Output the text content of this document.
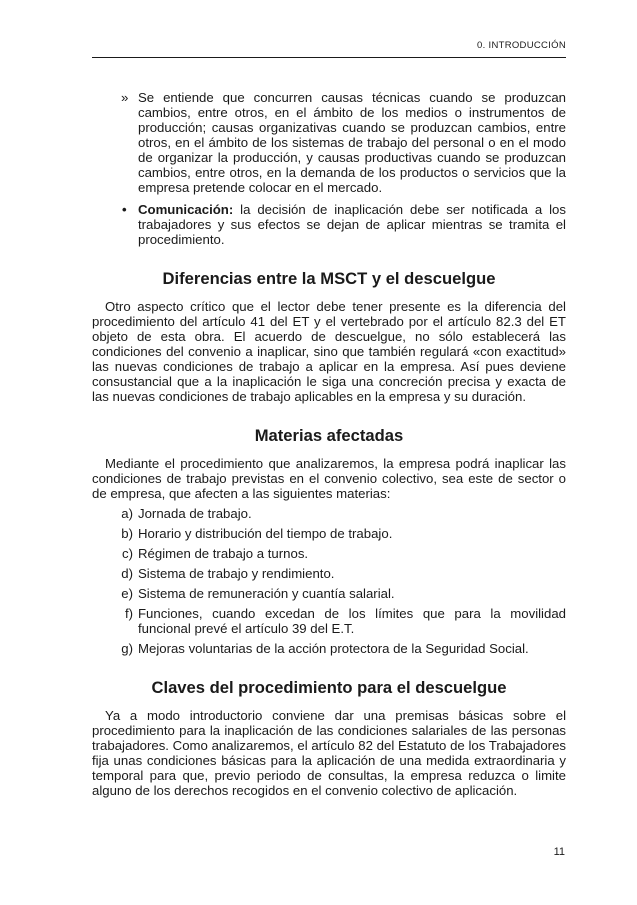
0. INTRODUCCIÓN
» Se entiende que concurren causas técnicas cuando se produzcan cambios, entre otros, en el ámbito de los medios o instrumentos de producción; causas organizativas cuando se produzcan cambios, entre otros, en el ámbito de los sistemas de trabajo del personal o en el modo de organizar la producción, y causas productivas cuando se produzcan cambios, entre otros, en la demanda de los productos o servicios que la empresa pretende colocar en el mercado.
• Comunicación: la decisión de inaplicación debe ser notificada a los trabajadores y sus efectos se dejan de aplicar mientras se tramita el procedimiento.
Diferencias entre la MSCT y el descuelgue

Otro aspecto crítico que el lector debe tener presente es la diferencia del procedimiento del artículo 41 del ET y el vertebrado por el artículo 82.3 del ET objeto de esta obra. El acuerdo de descuelgue, no sólo establecerá las condiciones del convenio a inaplicar, sino que también regulará «con exactitud» las nuevas condiciones de trabajo a aplicar en la empresa. Así pues deviene consustancial que a la inaplicación le siga una concreción precisa y exacta de las nuevas condiciones de trabajo aplicables en la empresa y su duración.

Materias afectadas

Mediante el procedimiento que analizaremos, la empresa podrá inaplicar las condiciones de trabajo previstas en el convenio colectivo, sea este de sector o de empresa, que afecten a las siguientes materias:

a) Jornada de trabajo.
b) Horario y distribución del tiempo de trabajo.
c) Régimen de trabajo a turnos.
d) Sistema de trabajo y rendimiento.
e) Sistema de remuneración y cuantía salarial.
f) Funciones, cuando excedan de los límites que para la movilidad funcional prevé el artículo 39 del E.T.
g) Mejoras voluntarias de la acción protectora de la Seguridad Social.
Claves del procedimiento para el descuelgue

Ya a modo introductorio conviene dar una premisas básicas sobre el procedimiento para la inaplicación de las condiciones salariales de las personas trabajadores. Como analizaremos, el artículo 82 del Estatuto de los Trabajadores fija unas condiciones básicas para la aplicación de una medida extraordinaria y temporal para que, previo periodo de consultas, la empresa reduzca o limite alguno de los derechos recogidos en el convenio colectivo de aplicación.

11
